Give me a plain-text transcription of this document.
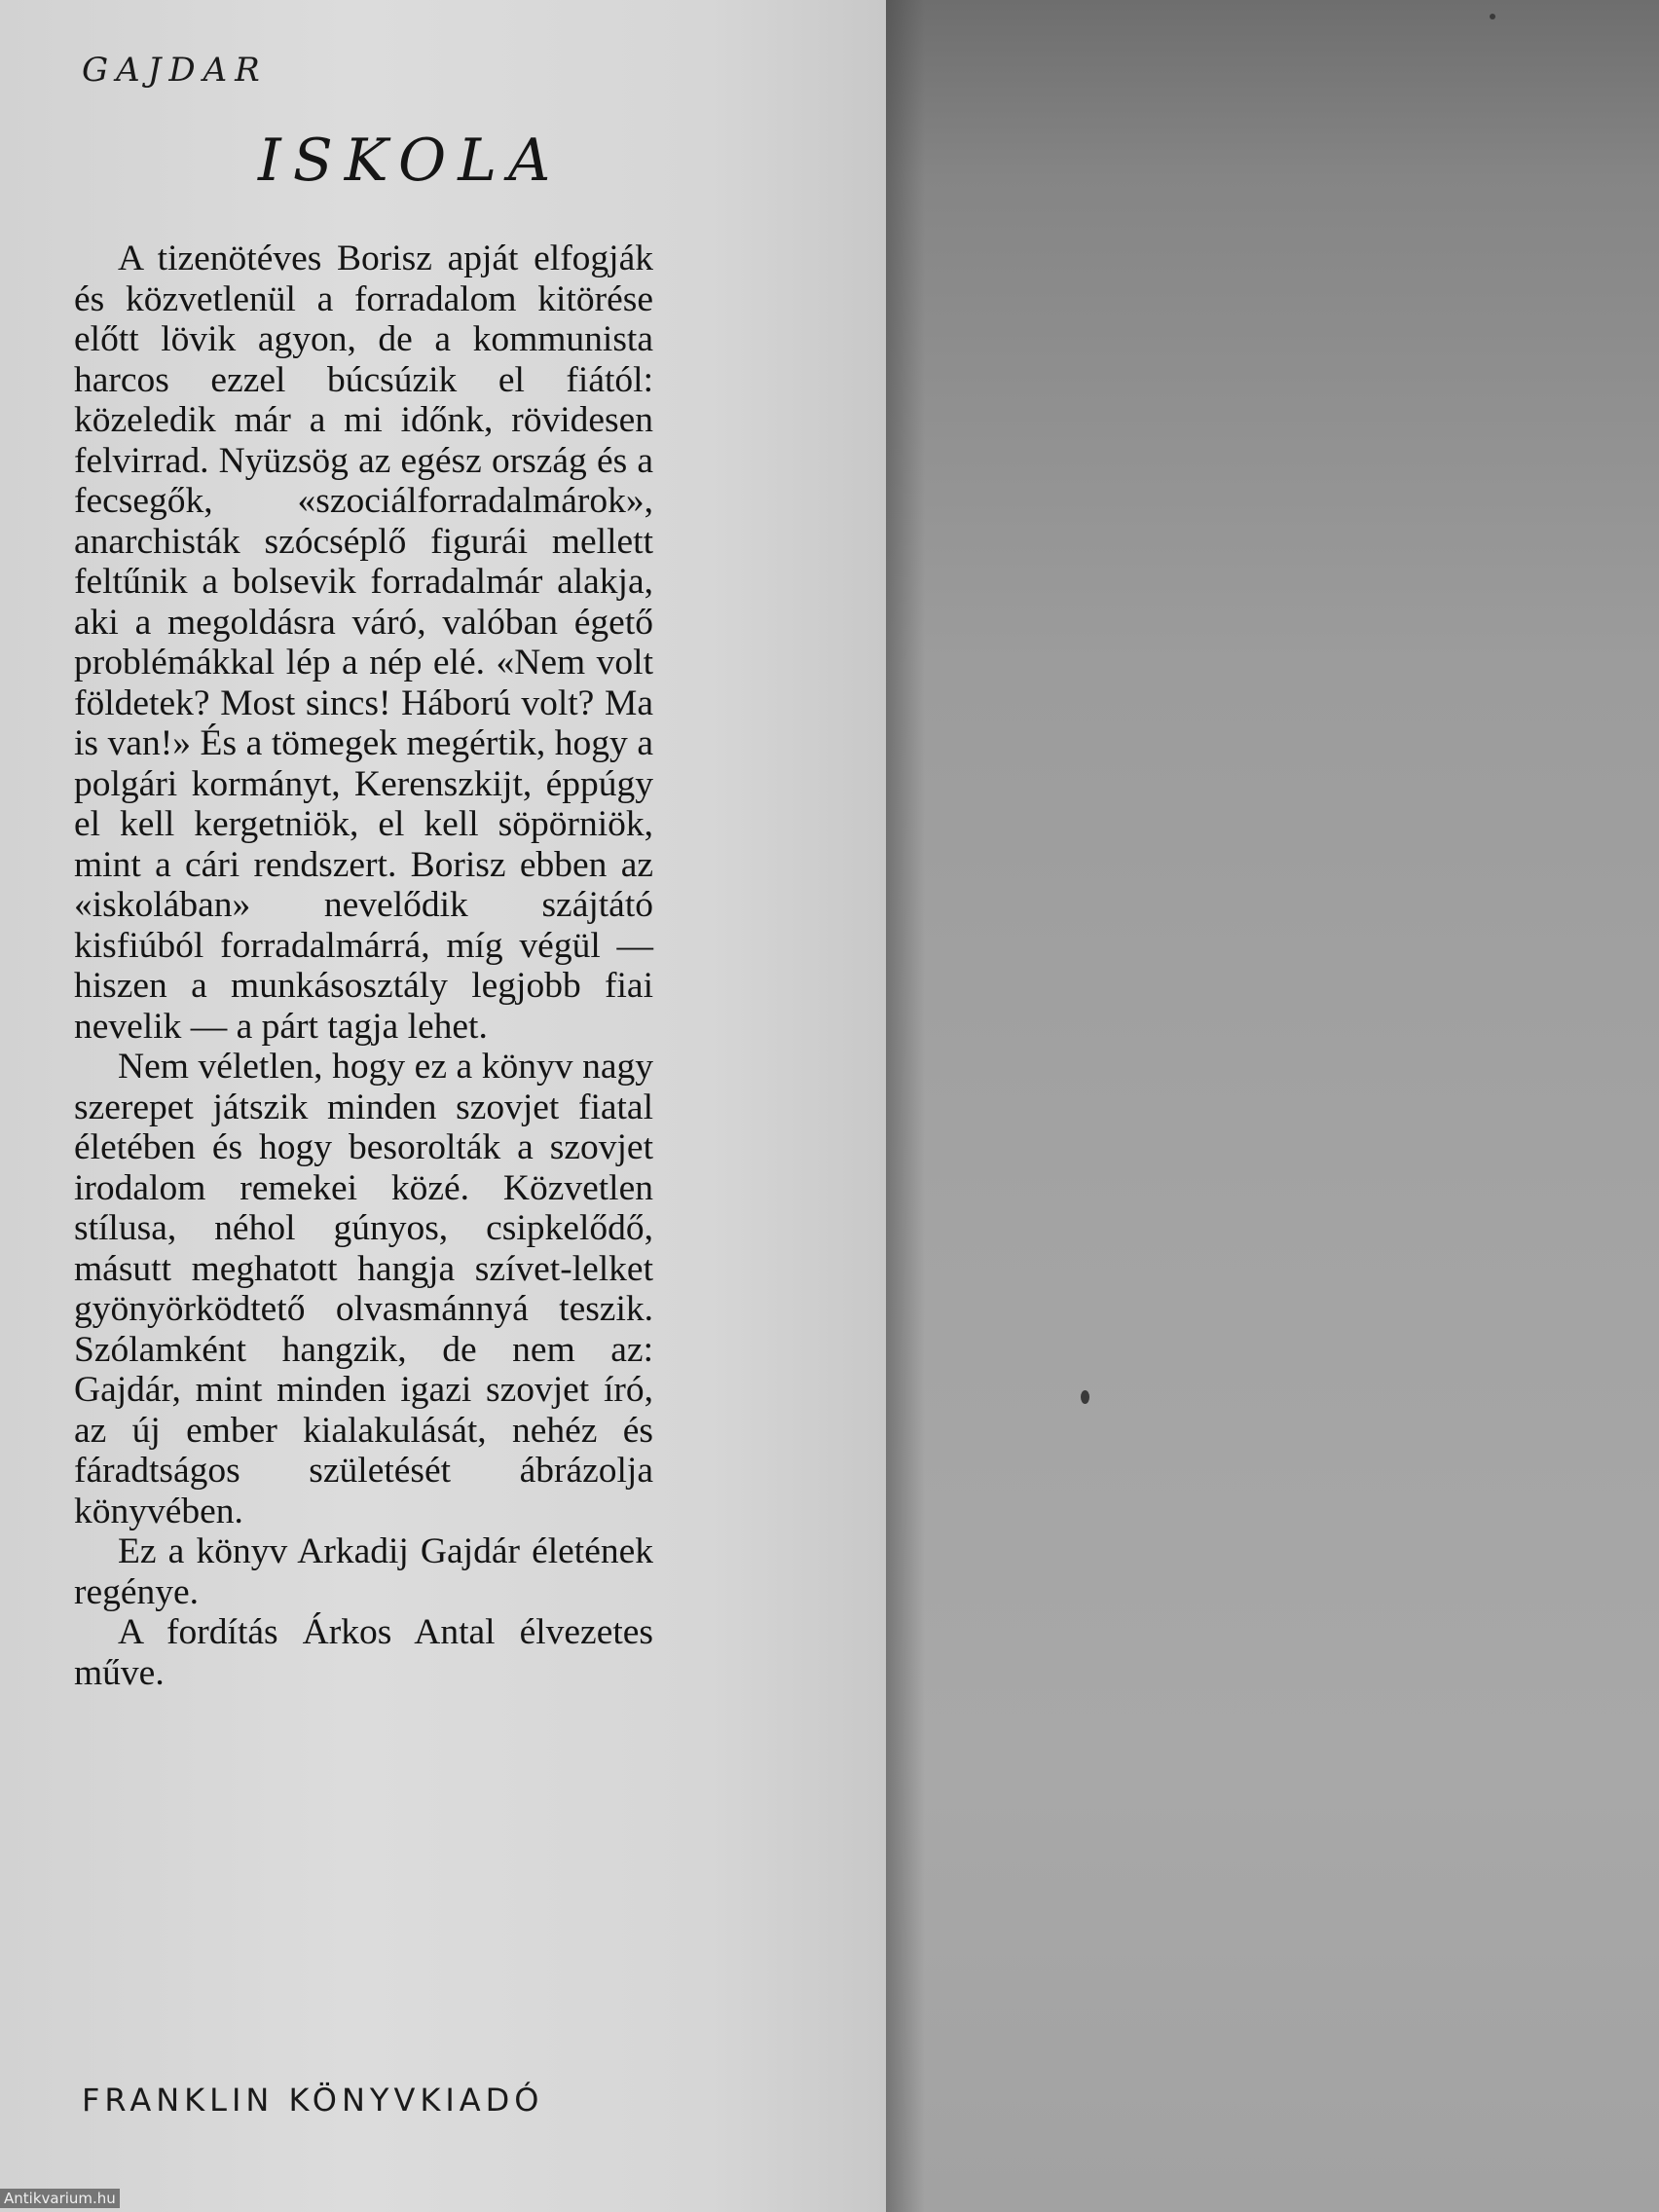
GAJDAR
ISKOLA

A tizenötéves Borisz apját elfogják és közvetlenül a forradalom kitörése előtt lövik agyon, de a kommunista harcos ezzel búcsúzik el fiától: közeledik már a mi időnk, rövidesen felvirrad. Nyüzsög az egész ország és a fecsegők, «szociálforradalmárok», anarchisták szócséplő figurái mellett feltűnik a bolsevik forradalmár alakja, aki a megoldásra váró, valóban égető problémákkal lép a nép elé. «Nem volt földetek? Most sincs! Háború volt? Ma is van!» És a tömegek megértik, hogy a polgári kormányt, Kerenszkijt, éppúgy el kell kergetniök, el kell söpörniök, mint a cári rendszert. Borisz ebben az «iskolában» nevelődik szájtátó kisfiúból forradalmárrá, míg végül — hiszen a munkásosztály legjobb fiai nevelik — a párt tagja lehet.

Nem véletlen, hogy ez a könyv nagy szerepet játszik minden szovjet fiatal életében és hogy besorolták a szovjet irodalom remekei közé. Közvetlen stílusa, néhol gúnyos, csipkelődő, másutt meghatott hangja szívet-lelket gyönyörködtető olvasmánnyá teszik. Szólamként hangzik, de nem az: Gajdár, mint minden igazi szovjet író, az új ember kialakulását, nehéz és fáradtságos születését ábrázolja könyvében.

Ez a könyv Arkadij Gajdár életének regénye.

A fordítás Árkos Antal élvezetes műve.

FRANKLIN KÖNYVKIADÓ
Antikvarium.hu
